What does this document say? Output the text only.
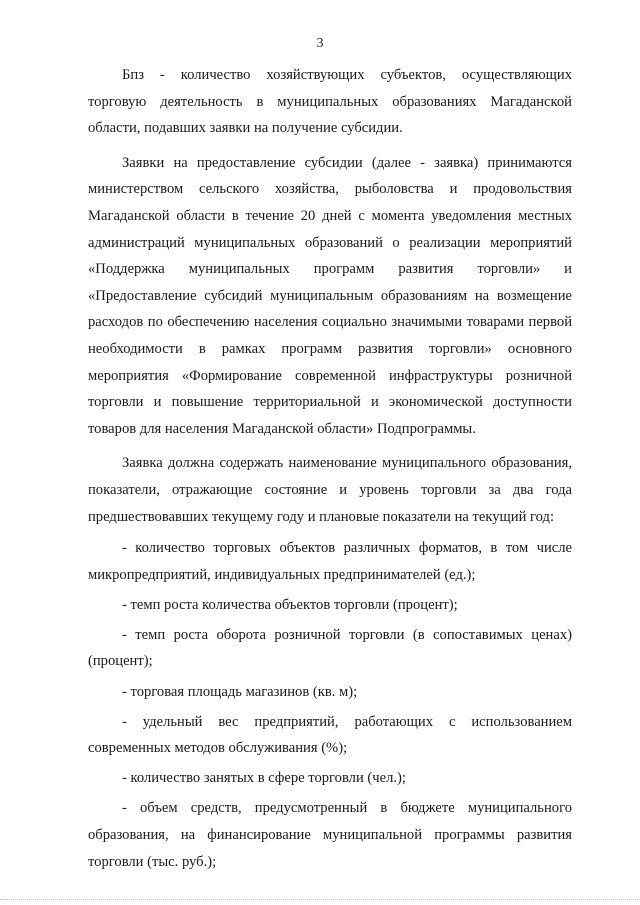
3

Бпз - количество хозяйствующих субъектов, осуществляющих торговую деятельность в муниципальных образованиях Магаданской области, подавших заявки на получение субсидии.

Заявки на предоставление субсидии (далее - заявка) принимаются министерством сельского хозяйства, рыболовства и продовольствия Магаданской области в течение 20 дней с момента уведомления местных администраций муниципальных образований о реализации мероприятий «Поддержка муниципальных программ развития торговли» и «Предоставление субсидий муниципальным образованиям на возмещение расходов по обеспечению населения социально значимыми товарами первой необходимости в рамках программ развития торговли» основного мероприятия «Формирование современной инфраструктуры розничной торговли и повышение территориальной и экономической доступности товаров для населения Магаданской области» Подпрограммы.

Заявка должна содержать наименование муниципального образования, показатели, отражающие состояние и уровень торговли за два года предшествовавших текущему году и плановые показатели на текущий год:

- количество торговых объектов различных форматов, в том числе микропредприятий, индивидуальных предпринимателей (ед.);

- темп роста количества объектов торговли (процент);

- темп роста оборота розничной торговли (в сопоставимых ценах) (процент);

- торговая площадь магазинов (кв. м);

- удельный вес предприятий, работающих с использованием современных методов обслуживания (%);

- количество занятых в сфере торговли (чел.);

- объем средств, предусмотренный в бюджете муниципального образования, на финансирование муниципальной программы развития торговли (тыс. руб.);
